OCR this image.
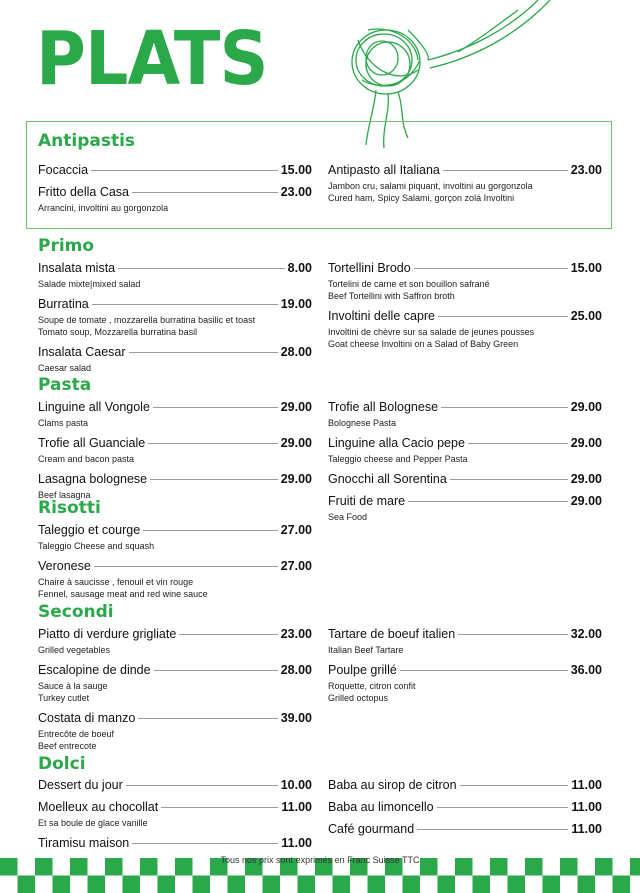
PLATS
Antipastis
Focaccia	15.00
Fritto della Casa	23.00
Arrancini, involtini au gorgonzola
Antipasto all Italiana	23.00
Jambon cru, salami piquant, involtini au gorgonzola
Cured ham, Spicy Salami, gorçon zolá Involtini
Primo
Insalata mista	8.00
Salade mixte|mixed salad
Burratina	19.00
Soupe de tomate , mozzarella burratina basilic et toast
Tomato soup, Mozzarella burratina basil
Insalata Caesar	28.00
Caesar salad
Tortellini Brodo	15.00
Tortelini de carne et son bouillon safrané
Beef Tortellini with Saffron broth
Involtini delle capre	25.00
Involtini de chèvre sur sa salade de jeunes pousses
Goat cheese Involtini on a Salad of Baby Green
Pasta
Linguine all Vongole	29.00
Clams pasta
Trofie all Guanciale	29.00
Cream and bacon pasta
Lasagna bolognese	29.00
Beef lasagna
Trofie all Bolognese	29.00
Bolognese Pasta
Linguine alla Cacio pepe	29.00
Taleggio cheese and Pepper Pasta
Gnocchi all Sorentina	29.00
Fruiti de mare	29.00
Sea Food
Risotti
Taleggio et courge	27.00
Taleggio Cheese and squash
Veronese	27.00
Chaire à saucisse , fenouil et vin rouge
Fennel, sausage meat and red wine sauce
Secondi
Piatto di verdure grigliate	23.00
Grilled vegetables
Escalopine de dinde	28.00
Sauce à la sauge
Turkey cutlet
Costata di manzo	39.00
Entrecôte de boeuf
Beef entrecote
Tartare de boeuf italien	32.00
Italian Beef Tartare
Poulpe grillé	36.00
Roquette, citron confit
Grilled octopus
Dolci
Dessert du jour	10.00
Moelleux au chocollat	11.00
Et sa boule de glace vanille
Tiramisu maison	11.00
Baba au sirop de citron	11.00
Baba au limoncello	11.00
Café gourmand	11.00
Tous nos prix sont exprimés en Franc Suisse TTC
